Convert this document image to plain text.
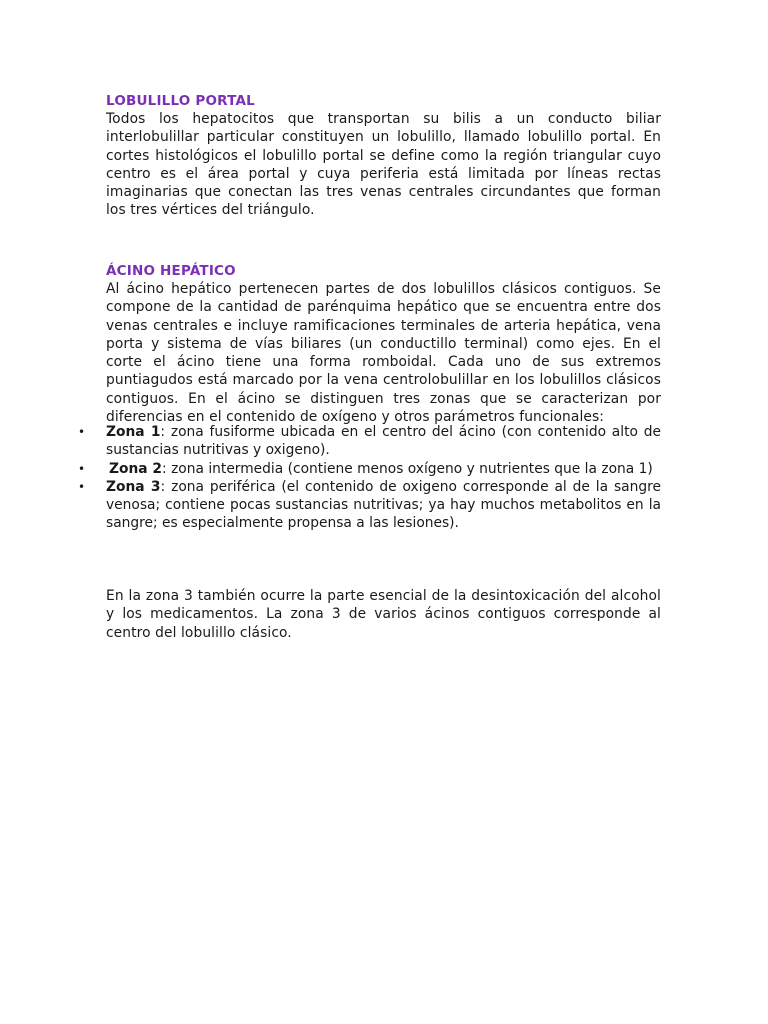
LOBULILLO PORTAL

Todos los hepatocitos que transportan su bilis a un conducto biliar interlobulillar particular constituyen un lobulillo, llamado lobulillo portal. En cortes histológicos el lobulillo portal se define como la región triangular cuyo centro es el área portal y cuya periferia está limitada por líneas rectas imaginarias que conectan las tres venas centrales circundantes que forman los tres vértices del triángulo.

ÁCINO HEPÁTICO

Al ácino hepático pertenecen partes de dos lobulillos clásicos contiguos. Se compone de la cantidad de parénquima hepático que se encuentra entre dos venas centrales e incluye ramificaciones terminales de arteria hepática, vena porta y sistema de vías biliares (un conductillo terminal) como ejes. En el corte el ácino tiene una forma romboidal. Cada uno de sus extremos puntiagudos está marcado por la vena centrolobulillar en los lobulillos clásicos contiguos. En el ácino se distinguen tres zonas que se caracterizan por diferencias en el contenido de oxígeno y otros parámetros funcionales:

•	Zona 1: zona fusiforme ubicada en el centro del ácino (con contenido alto de sustancias nutritivas y oxigeno).
•	Zona 2: zona intermedia (contiene menos oxígeno y nutrientes que la zona 1)
•	Zona 3: zona periférica (el contenido de oxigeno corresponde al de la sangre venosa; contiene pocas sustancias nutritivas; ya hay muchos metabolitos en la sangre; es especialmente propensa a las lesiones).

En la zona 3 también ocurre la parte esencial de la desintoxicación del alcohol y los medicamentos. La zona 3 de varios ácinos contiguos corresponde al centro del lobulillo clásico.
